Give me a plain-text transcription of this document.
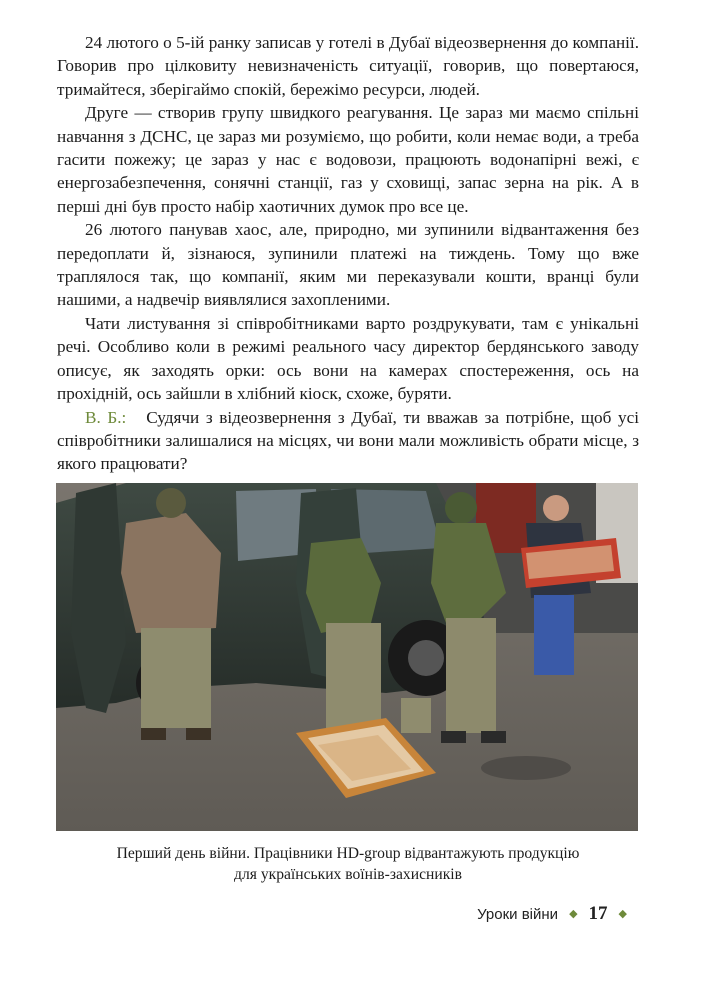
24 лютого о 5-ій ранку записав у готелі в Дубаї відеозвернення до компанії. Говорив про цілковиту невизначеність ситуації, говорив, що повертаюся, тримайтеся, зберігаймо спокій, бережімо ресурси, людей.

Друге — створив групу швидкого реагування. Це зараз ми маємо спільні навчання з ДСНС, це зараз ми розуміємо, що робити, коли немає води, а треба гасити пожежу; це зараз у нас є водовози, працюють водонапірні вежі, є енергозабезпечення, сонячні станції, газ у сховищі, запас зерна на рік. А в перші дні був просто набір хаотичних думок про все це.

26 лютого панував хаос, але, природно, ми зупинили відвантаження без передоплати й, зізнаюся, зупинили платежі на тиждень. Тому що вже траплялося так, що компанії, яким ми переказували кошти, вранці були нашими, а надвечір виявлялися захопленими.

Чати листування зі співробітниками варто роздрукувати, там є унікальні речі. Особливо коли в режимі реального часу директор бердянського заводу описує, як заходять орки: ось вони на камерах спостереження, ось на прохідній, ось зайшли в хлібний кіоск, схоже, буряти.

В. Б.: Судячи з відеозвернення з Дубаї, ти вважав за потрібне, щоб усі співробітники залишалися на місцях, чи вони мали можливість обрати місце, з якого працювати?

Перший день війни. Працівники HD-group відвантажують продукцію
для українських воїнів-захисників
Уроки війни ◆ 17 ◆
